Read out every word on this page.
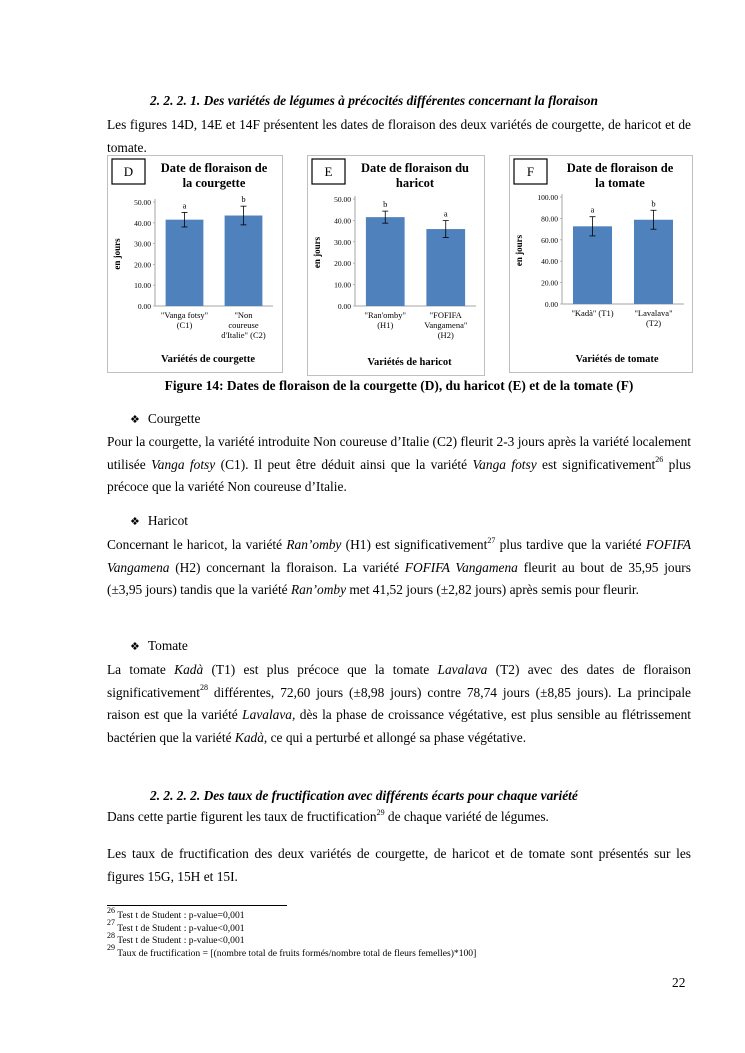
2. 2. 2. 1. Des variétés de légumes à précocités différentes concernant la floraison
Les figures 14D, 14E et 14F présentent les dates de floraison des deux variétés de courgette, de haricot et de tomate.
D Date de floraison de
la courgette
0.00
10.00
20.00
30.00
40.00
50.00
en jours
a
"Vanga fotsy"
(C1)
b
"Non
coureuse
d'Italie" (C2)
Variétés de courgette
E Date de floraison du
haricot
0.00
10.00
20.00
30.00
40.00
50.00
en jours
b
"Ran'omby"
(H1)
a
"FOFIFA
Vangamena"
(H2)
Variétés de haricot
F	Date de floraison de
la tomate
0.00
20.00
40.00
60.00
80.00
100.00
en jours
a
"Kadà" (T1)
b
"Lavalava"
(T2)
Variétés de tomate
Figure 14: Dates de floraison de la courgette (D), du haricot (E) et de la tomate (F)
❖ Courgette
Pour la courgette, la variété introduite Non coureuse d’Italie (C2) fleurit 2-3 jours après la variété localement utilisée Vanga fotsy (C1). Il peut être déduit ainsi que la variété Vanga fotsy est significativement$^{26}$ plus précoce que la variété Non coureuse d’Italie.
❖ Haricot
Concernant le haricot, la variété Ran’omby (H1) est significativement$^{27}$ plus tardive que la variété FOFIFA Vangamena (H2) concernant la floraison. La variété FOFIFA Vangamena fleurit au bout de 35,95 jours (±3,95 jours) tandis que la variété Ran’omby met 41,52 jours (±2,82 jours) après semis pour fleurir.
❖ Tomate
La tomate Kadà (T1) est plus précoce que la tomate Lavalava (T2) avec des dates de floraison significativement$^{28}$ différentes, 72,60 jours (±8,98 jours) contre 78,74 jours (±8,85 jours). La principale raison est que la variété Lavalava, dès la phase de croissance végétative, est plus sensible au flétrissement bactérien que la variété Kadà, ce qui a perturbé et allongé sa phase végétative.
2. 2. 2. 2. Des taux de fructification avec différents écarts pour chaque variété
Dans cette partie figurent les taux de fructification$^{29}$ de chaque variété de légumes.
Les taux de fructification des deux variétés de courgette, de haricot et de tomate sont présentés sur les figures 15G, 15H et 15I.
$^{26}$ Test t de Student : p-value=0,001
$^{27}$ Test t de Student : p-value<0,001
$^{28}$ Test t de Student : p-value<0,001
$^{29}$ Taux de fructification = [(nombre total de fruits formés/nombre total de fleurs femelles)*100]
22
